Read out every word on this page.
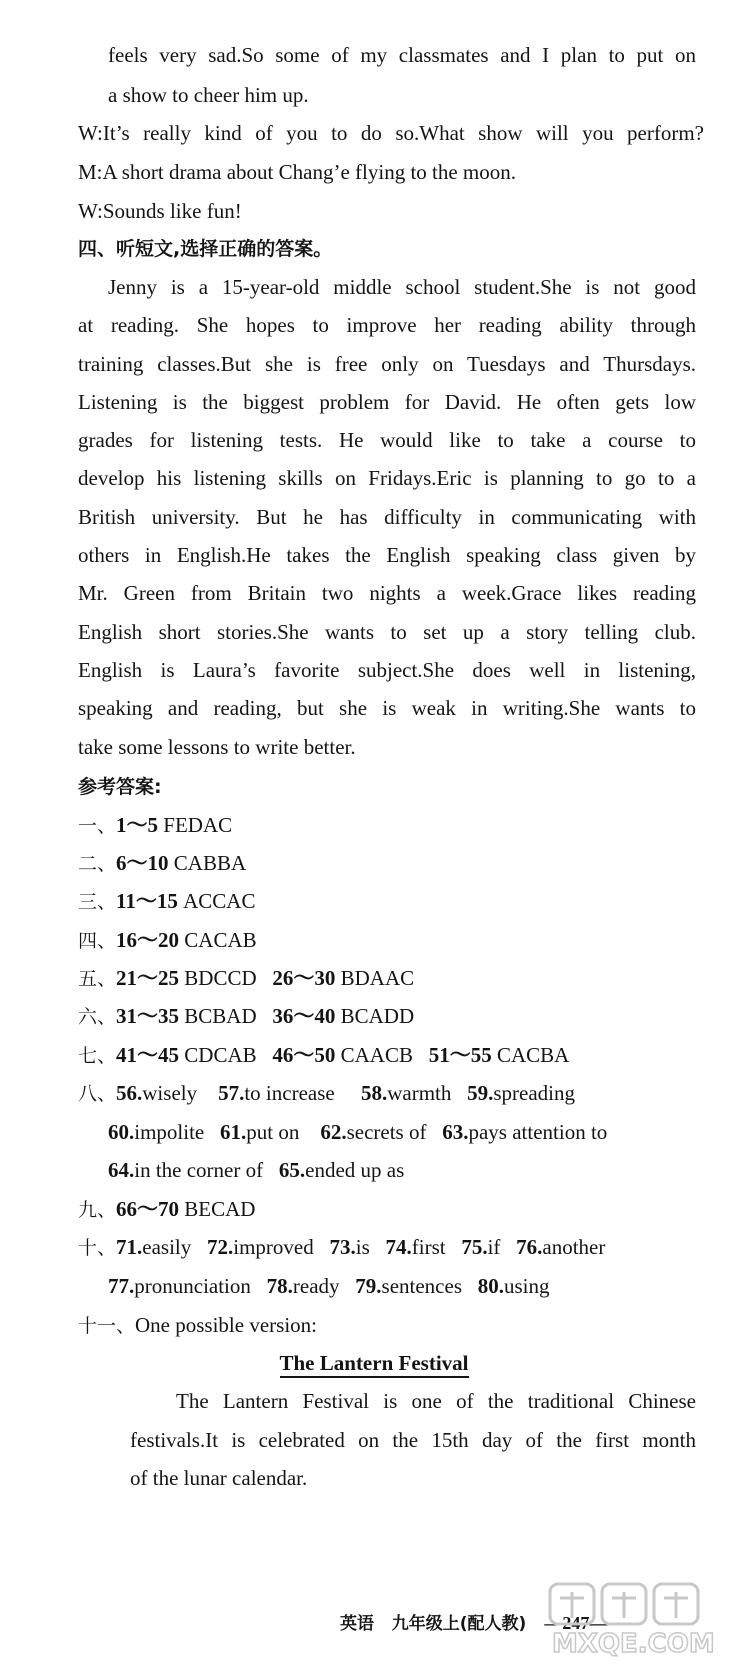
feels very sad.So some of my classmates and I plan to put on
a show to cheer him up.
W:It’s really kind of you to do so.What show will you perform?
M:A short drama about Chang’e flying to the moon.
W:Sounds like fun!
四、听短文,选择正确的答案。
Jenny is a 15-year-old middle school student.She is not good
at reading. She hopes to improve her reading ability through
training classes.But she is free only on Tuesdays and Thursdays.
Listening is the biggest problem for David. He often gets low
grades for listening tests. He would like to take a course to
develop his listening skills on Fridays.Eric is planning to go to a
British university. But he has difficulty in communicating with
others in English.He takes the English speaking class given by
Mr. Green from Britain two nights a week.Grace likes reading
English short stories.She wants to set up a story telling club.
English is Laura’s favorite subject.She does well in listening,
speaking and reading, but she is weak in writing.She wants to
take some lessons to write better.
参考答案:
一、1～5 FEDAC
二、6～10 CABBA
三、11～15 ACCAC
四、16～20 CACAB
五、21～25 BDCCD 26～30 BDAAC
六、31～35 BCBAD 36～40 BCADD
七、41～45 CDCAB 46～50 CAACB 51～55 CACBA
八、56.wisely 57.to increase 58.warmth 59.spreading
60.impolite 61.put on 62.secrets of 63.pays attention to
64.in the corner of 65.ended up as
九、66～70 BECAD
十、71.easily 72.improved 73.is 74.first 75.if 76.another
77.pronunciation 78.ready 79.sentences 80.using
十一、One possible version:
The Lantern Festival
The Lantern Festival is one of the traditional Chinese
festivals.It is celebrated on the 15th day of the first month
of the lunar calendar.
英语 九年级上(配人教) —247—
MXQE.COM
